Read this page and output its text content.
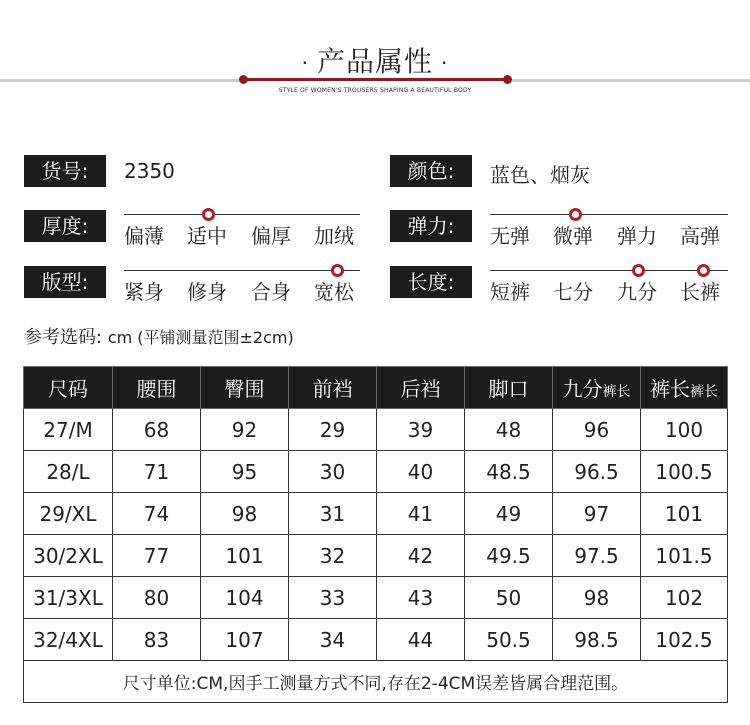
· 产品属性 ·
STYLE OF WOMEN'S TROUSERS SHAPING A BEAUTIFUL BODY
货号:	2350	颜色:	蓝色、烟灰
厚度:	偏薄 适中 偏厚 加绒	弹力:	无弹 微弹 弹力 高弹
版型:	紧身 修身 合身 宽松	长度:	短裤 七分 九分 长裤
参考选码: cm (平铺测量范围±2cm)
尺码	腰围	臀围	前裆	后裆	脚口	九分裤长	裤长裤长
27/M	68	92	29	39	48	96	100
28/L	71	95	30	40	48.5	96.5	100.5
29/XL	74	98	31	41	49	97	101
30/2XL	77	101	32	42	49.5	97.5	101.5
31/3XL	80	104	33	43	50	98	102
32/4XL	83	107	34	44	50.5	98.5	102.5
尺寸单位:CM,因手工测量方式不同,存在2-4CM误差皆属合理范围。							
